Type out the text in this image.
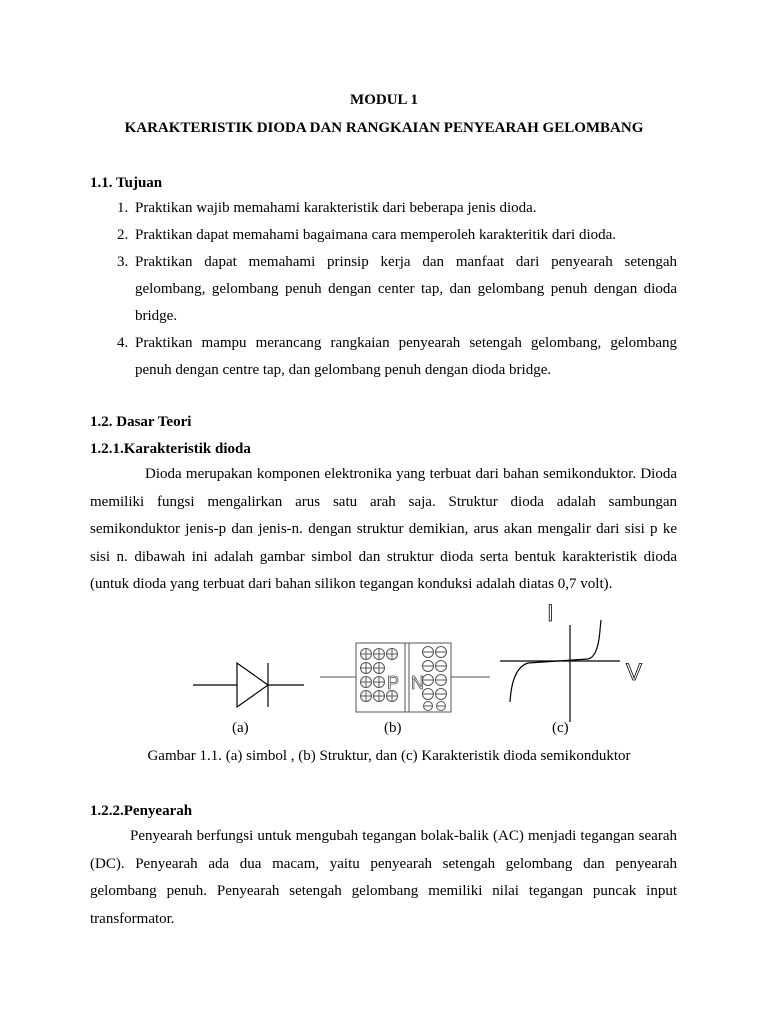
MODUL 1
KARAKTERISTIK DIODA DAN RANGKAIAN PENYEARAH GELOMBANG
1.1. Tujuan
1. Praktikan wajib memahami karakteristik dari beberapa jenis dioda.
2. Praktikan dapat memahami bagaimana cara memperoleh karakteritik dari dioda.
3. Praktikan dapat memahami prinsip kerja dan manfaat dari penyearah setengah gelombang, gelombang penuh dengan center tap, dan gelombang penuh dengan dioda bridge.
4. Praktikan mampu merancang rangkaian penyearah setengah gelombang, gelombang penuh dengan centre tap, dan gelombang penuh dengan dioda bridge.
1.2. Dasar Teori
1.2.1.Karakteristik dioda

Dioda merupakan komponen elektronika yang terbuat dari bahan semikonduktor. Dioda memiliki fungsi mengalirkan arus satu arah saja. Struktur dioda adalah sambungan semikonduktor jenis-p dan jenis-n. dengan struktur demikian, arus akan mengalir dari sisi p ke sisi n. dibawah ini adalah gambar simbol dan struktur dioda serta bentuk karakteristik dioda (untuk dioda yang terbuat dari bahan silikon tegangan konduksi adalah diatas 0,7 volt).

P N
I
V
(a)	(b)	(c)
Gambar 1.1. (a) simbol , (b) Struktur, dan (c) Karakteristik dioda semikonduktor
1.2.2.Penyearah

Penyearah berfungsi untuk mengubah tegangan bolak-balik (AC) menjadi tegangan searah (DC). Penyearah ada dua macam, yaitu penyearah setengah gelombang dan penyearah gelombang penuh. Penyearah setengah gelombang memiliki nilai tegangan puncak input transformator.
